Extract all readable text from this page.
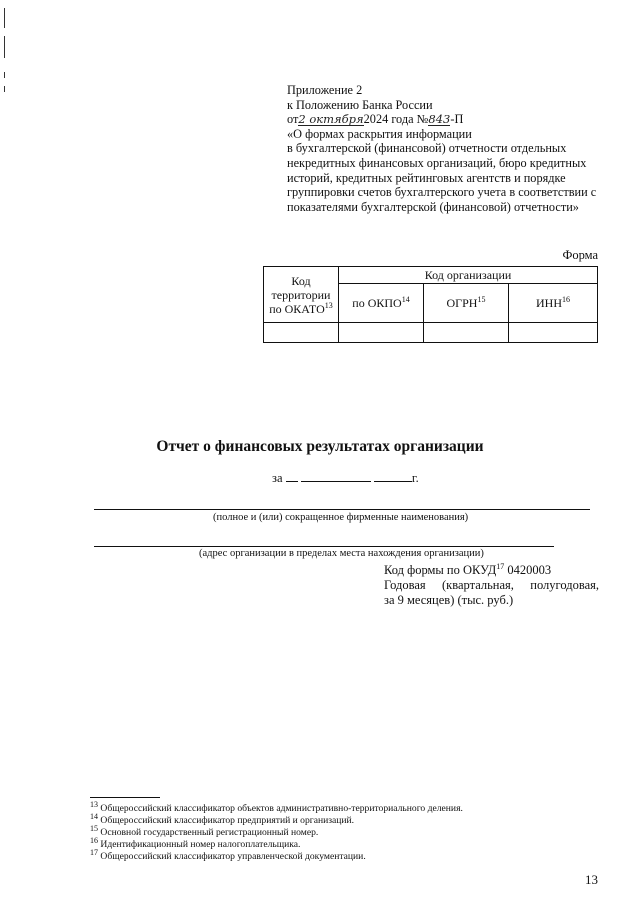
Приложение 2
к Положению Банка России
от2 октября2024 года №843-П
«О формах раскрытия информации
в бухгалтерской (финансовой) отчетности отдельных
некредитных финансовых организаций, бюро кредитных
историй, кредитных рейтинговых агентств и порядке
группировки счетов бухгалтерского учета в соответствии с
показателями бухгалтерской (финансовой) отчетности»
Форма
Код территории по ОКАТО$^{13}$	Код организации		
	по ОКПО$^{14}$	ОГРН$^{15}$	ИНН$^{16}$

Отчет о финансовых результатах организации
за	г.
(полное и (или) сокращенное фирменные наименования)
(адрес организации в пределах места нахождения организации)
Код формы по ОКУД$^{17}$ 0420003
Годовая (квартальная, полугодовая,
за 9 месяцев) (тыс. руб.)
$^{13}$ Общероссийский классификатор объектов административно-территориального деления.
$^{14}$ Общероссийский классификатор предприятий и организаций.
$^{15}$ Основной государственный регистрационный номер.
$^{16}$ Идентификационный номер налогоплательщика.
$^{17}$ Общероссийский классификатор управленческой документации.
13
